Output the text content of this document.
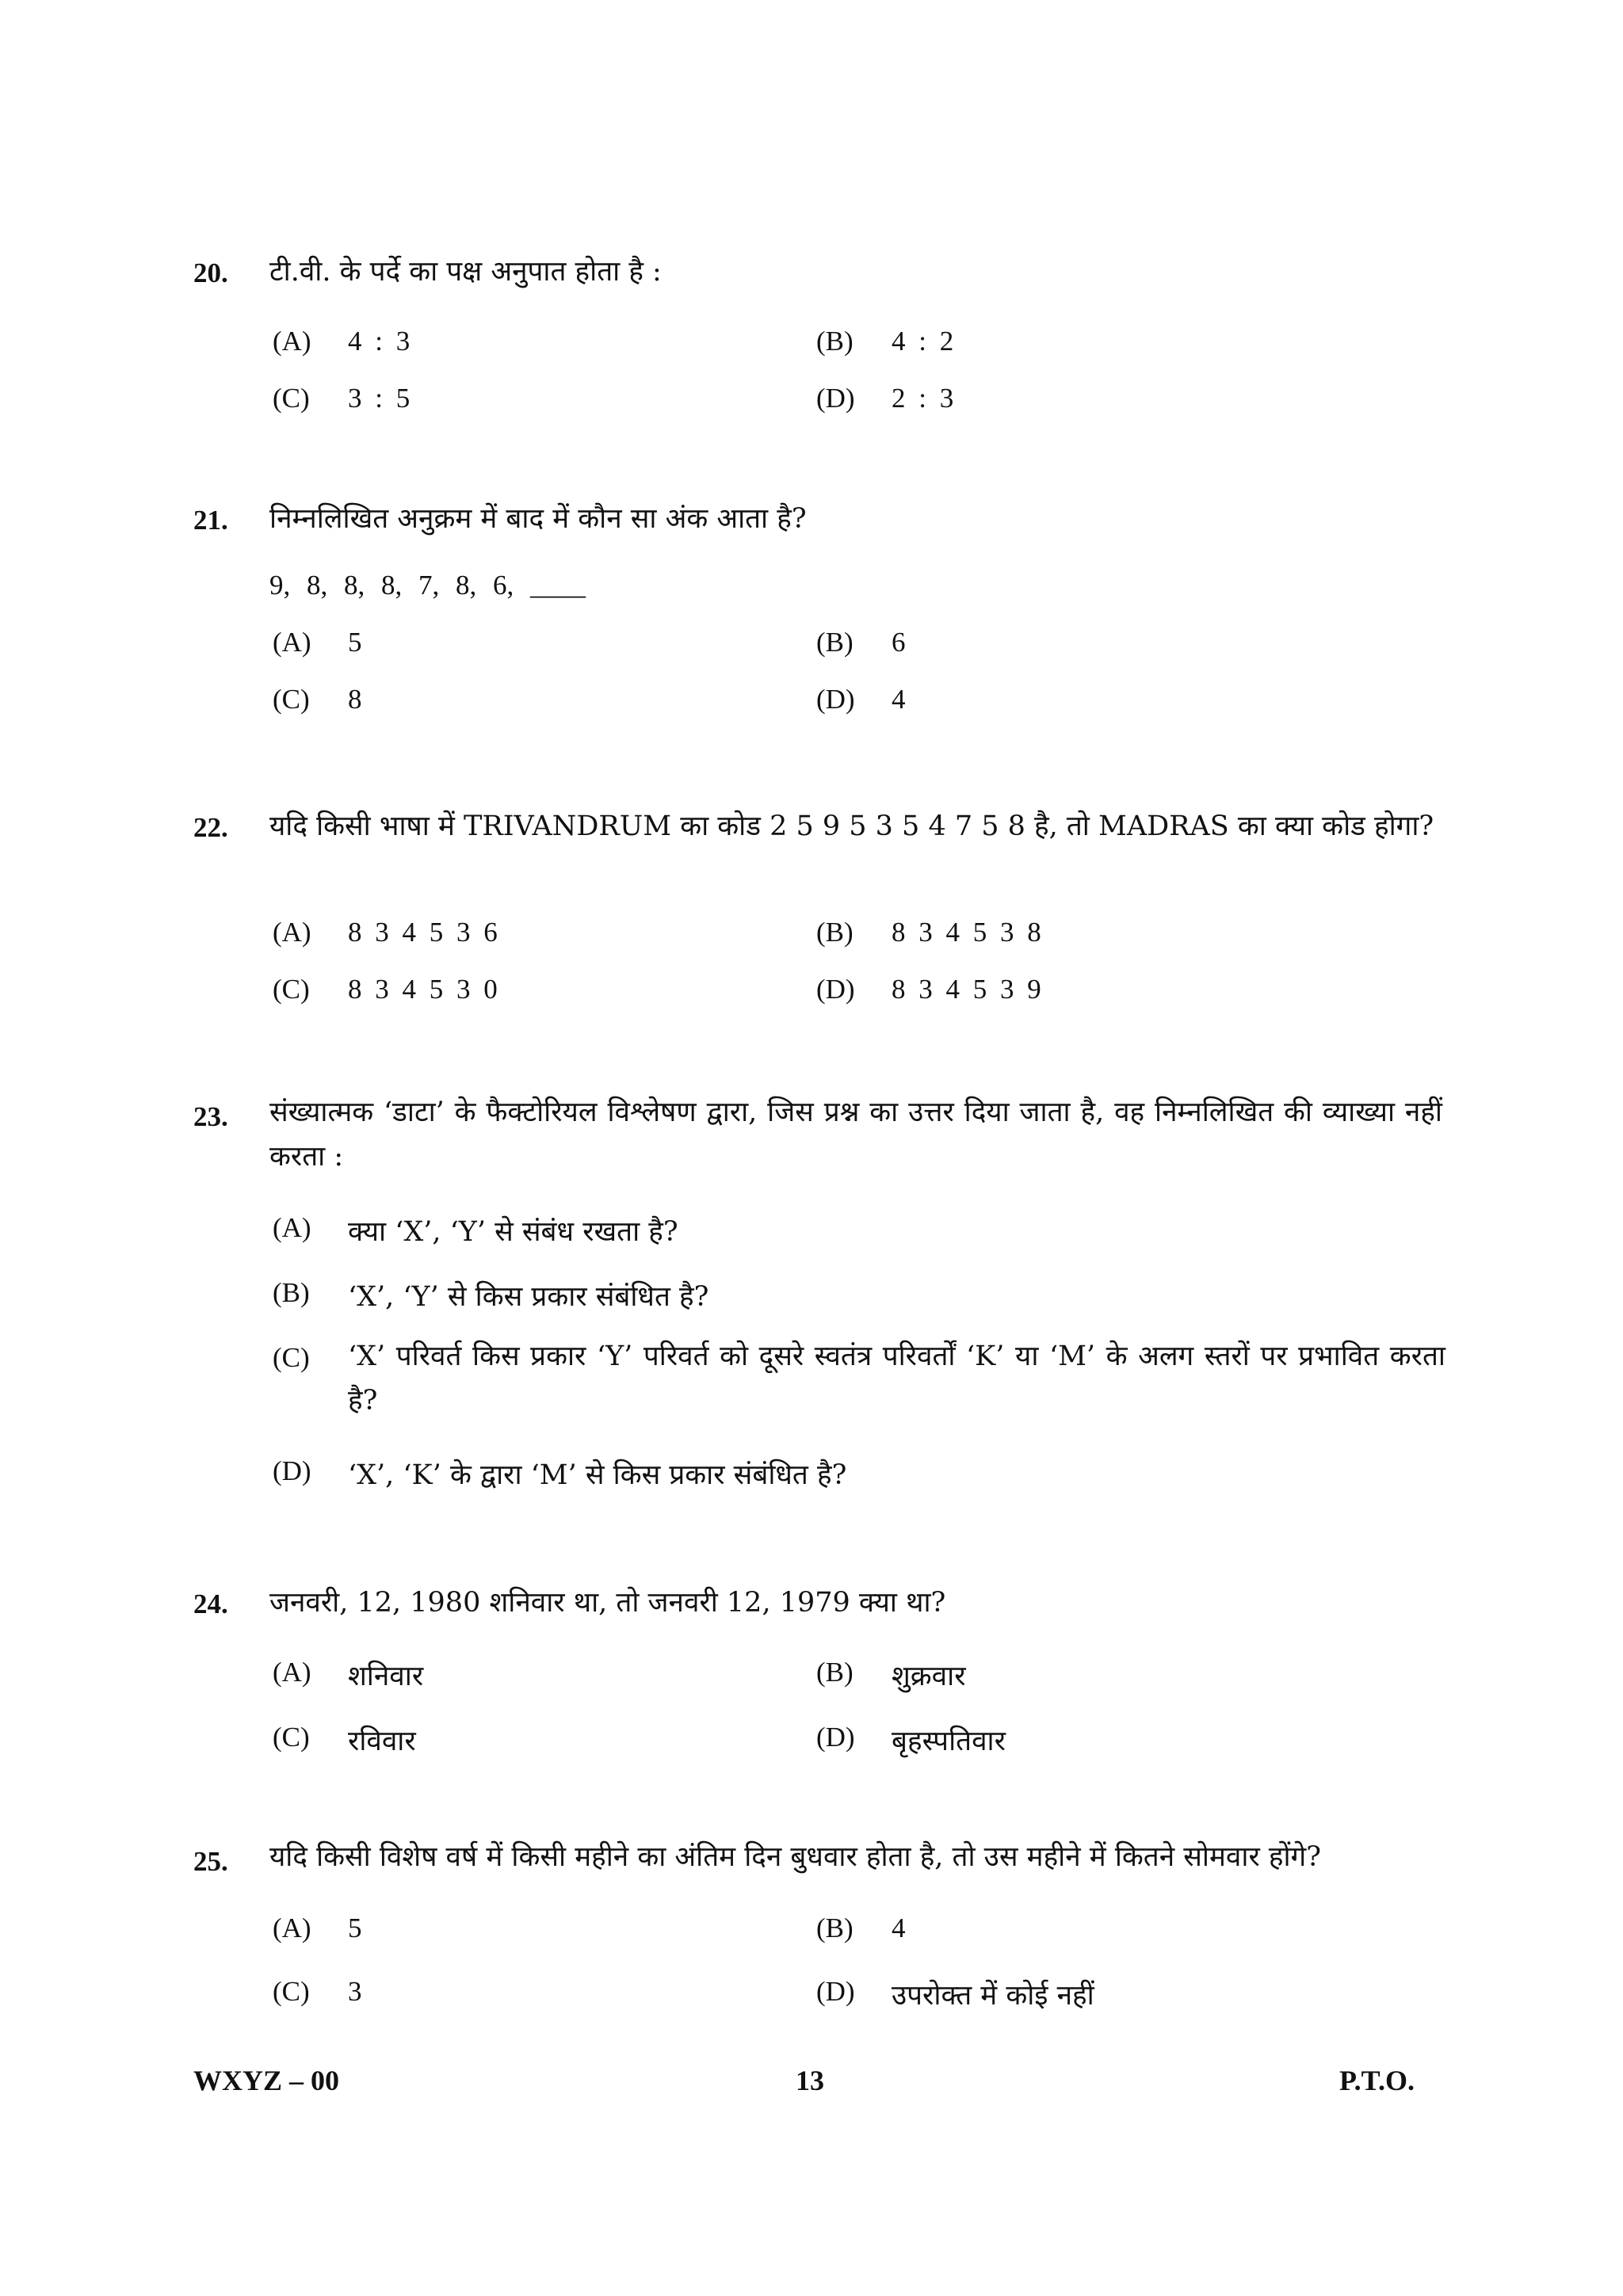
20. टी.वी. के पर्दे का पक्ष अनुपात होता है :
(A) 4 : 3	(B) 4 : 2
(C) 3 : 5	(D) 2 : 3
21. निम्नलिखित अनुक्रम में बाद में कौन सा अंक आता है?
9, 8, 8, 8, 7, 8, 6, ____
(A) 5	(B) 6
(C) 8	(D) 4
22. यदि किसी भाषा में TRIVANDRUM का कोड 2 5 9 5 3 5 4 7 5 8 है, तो MADRAS का क्या कोड होगा?
(A) 8 3 4 5 3 6	(B) 8 3 4 5 3 8
(C) 8 3 4 5 3 0	(D) 8 3 4 5 3 9
23. संख्यात्मक ‘डाटा’ के फैक्टोरियल विश्लेषण द्वारा, जिस प्रश्न का उत्तर दिया जाता है, वह निम्नलिखित की व्याख्या नहीं करता :
(A) क्या ‘X’, ‘Y’ से संबंध रखता है?
(B) ‘X’, ‘Y’ से किस प्रकार संबंधित है?
(C) ‘X’ परिवर्त किस प्रकार ‘Y’ परिवर्त को दूसरे स्वतंत्र परिवर्तों ‘K’ या ‘M’ के अलग स्तरों पर प्रभावित करता है?
(D) ‘X’, ‘K’ के द्वारा ‘M’ से किस प्रकार संबंधित है?
24. जनवरी, 12, 1980 शनिवार था, तो जनवरी 12, 1979 क्या था?
(A) शनिवार	(B) शुक्रवार
(C) रविवार	(D) बृहस्पतिवार
25. यदि किसी विशेष वर्ष में किसी महीने का अंतिम दिन बुधवार होता है, तो उस महीने में कितने सोमवार होंगे?
(A) 5	(B) 4
(C) 3	(D) उपरोक्त में कोई नहीं
WXYZ – 00	13	P.T.O.
